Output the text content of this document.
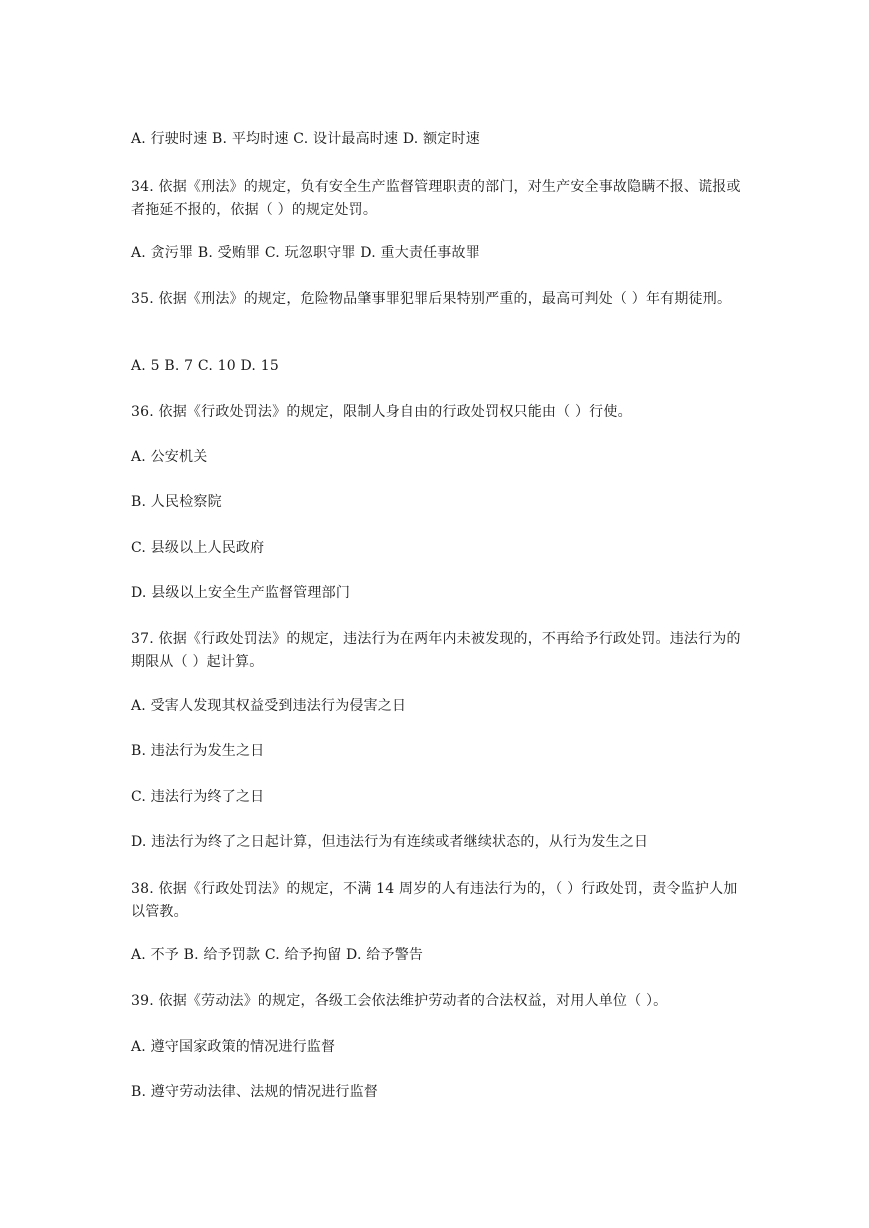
A. 行驶时速 B. 平均时速 C. 设计最高时速 D. 额定时速
34. 依据《刑法》的规定，负有安全生产监督管理职责的部门，对生产安全事故隐瞒不报、谎报或者拖延不报的，依据（ ）的规定处罚。
A. 贪污罪 B. 受贿罪 C. 玩忽职守罪 D. 重大责任事故罪
35. 依据《刑法》的规定，危险物品肇事罪犯罪后果特别严重的，最高可判处（ ）年有期徒刑。
A. 5 B. 7 C. 10 D. 15
36. 依据《行政处罚法》的规定，限制人身自由的行政处罚权只能由（ ）行使。
A. 公安机关
B. 人民检察院
C. 县级以上人民政府
D. 县级以上安全生产监督管理部门
37. 依据《行政处罚法》的规定，违法行为在两年内未被发现的，不再给予行政处罚。违法行为的期限从（ ）起计算。
A. 受害人发现其权益受到违法行为侵害之日
B. 违法行为发生之日
C. 违法行为终了之日
D. 违法行为终了之日起计算，但违法行为有连续或者继续状态的，从行为发生之日
38. 依据《行政处罚法》的规定，不满 14 周岁的人有违法行为的，（ ）行政处罚，责令监护人加以管教。
A. 不予 B. 给予罚款 C. 给予拘留 D. 给予警告
39. 依据《劳动法》的规定，各级工会依法维护劳动者的合法权益，对用人单位（ ）。
A. 遵守国家政策的情况进行监督
B. 遵守劳动法律、法规的情况进行监督
